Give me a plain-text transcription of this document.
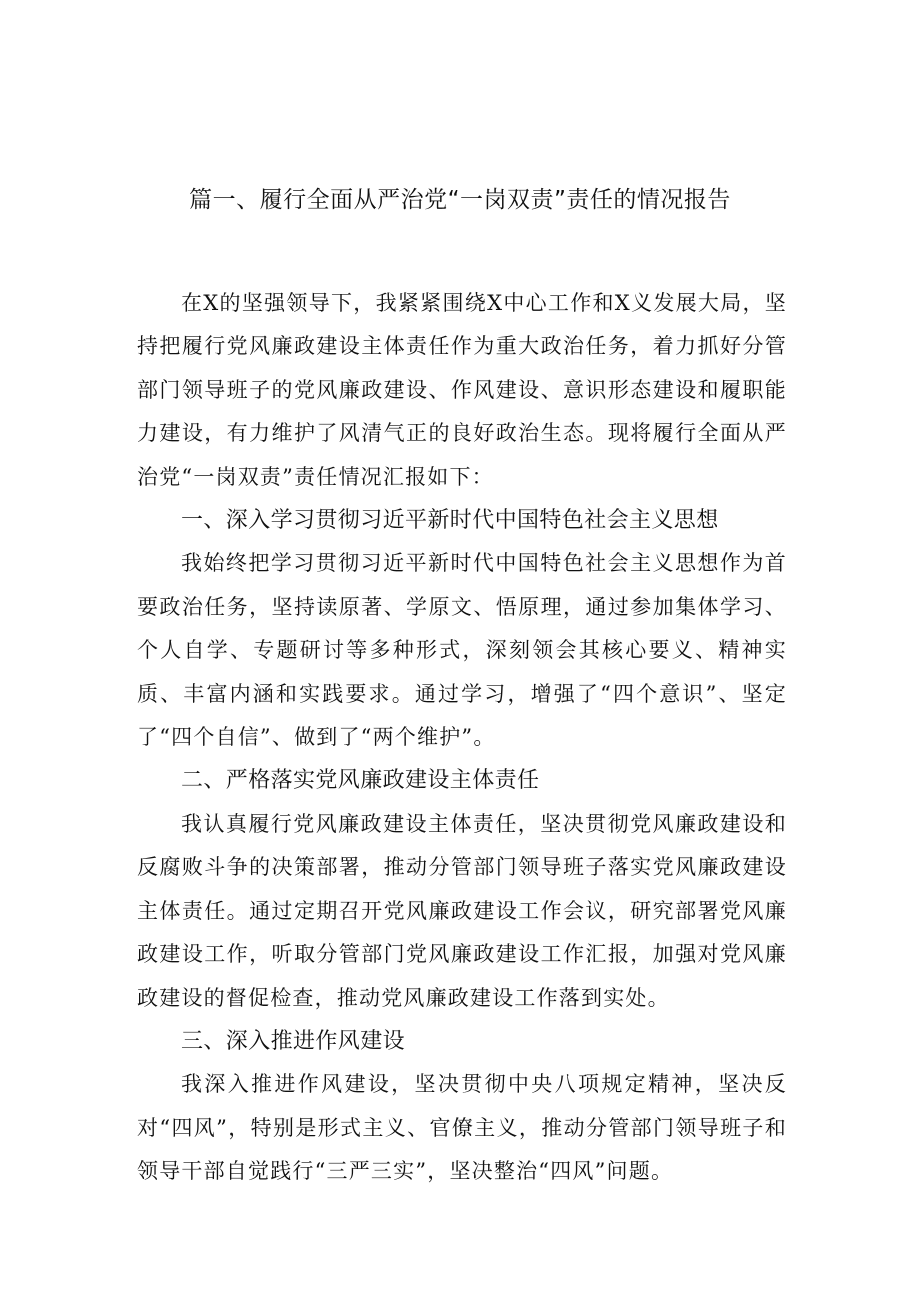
篇一、履行全面从严治党“一岗双责”责任的情况报告

在X的坚强领导下，我紧紧围绕X中心工作和X义发展大局，坚持把履行党风廉政建设主体责任作为重大政治任务，着力抓好分管部门领导班子的党风廉政建设、作风建设、意识形态建设和履职能力建设，有力维护了风清气正的良好政治生态。现将履行全面从严治党“一岗双责”责任情况汇报如下：

一、深入学习贯彻习近平新时代中国特色社会主义思想

我始终把学习贯彻习近平新时代中国特色社会主义思想作为首要政治任务，坚持读原著、学原文、悟原理，通过参加集体学习、个人自学、专题研讨等多种形式，深刻领会其核心要义、精神实质、丰富内涵和实践要求。通过学习，增强了“四个意识”、坚定了“四个自信”、做到了“两个维护”。

二、严格落实党风廉政建设主体责任

我认真履行党风廉政建设主体责任，坚决贯彻党风廉政建设和反腐败斗争的决策部署，推动分管部门领导班子落实党风廉政建设主体责任。通过定期召开党风廉政建设工作会议，研究部署党风廉政建设工作，听取分管部门党风廉政建设工作汇报，加强对党风廉政建设的督促检查，推动党风廉政建设工作落到实处。

三、深入推进作风建设

我深入推进作风建设，坚决贯彻中央八项规定精神，坚决反对“四风”，特别是形式主义、官僚主义，推动分管部门领导班子和领导干部自觉践行“三严三实”，坚决整治“四风”问题。
